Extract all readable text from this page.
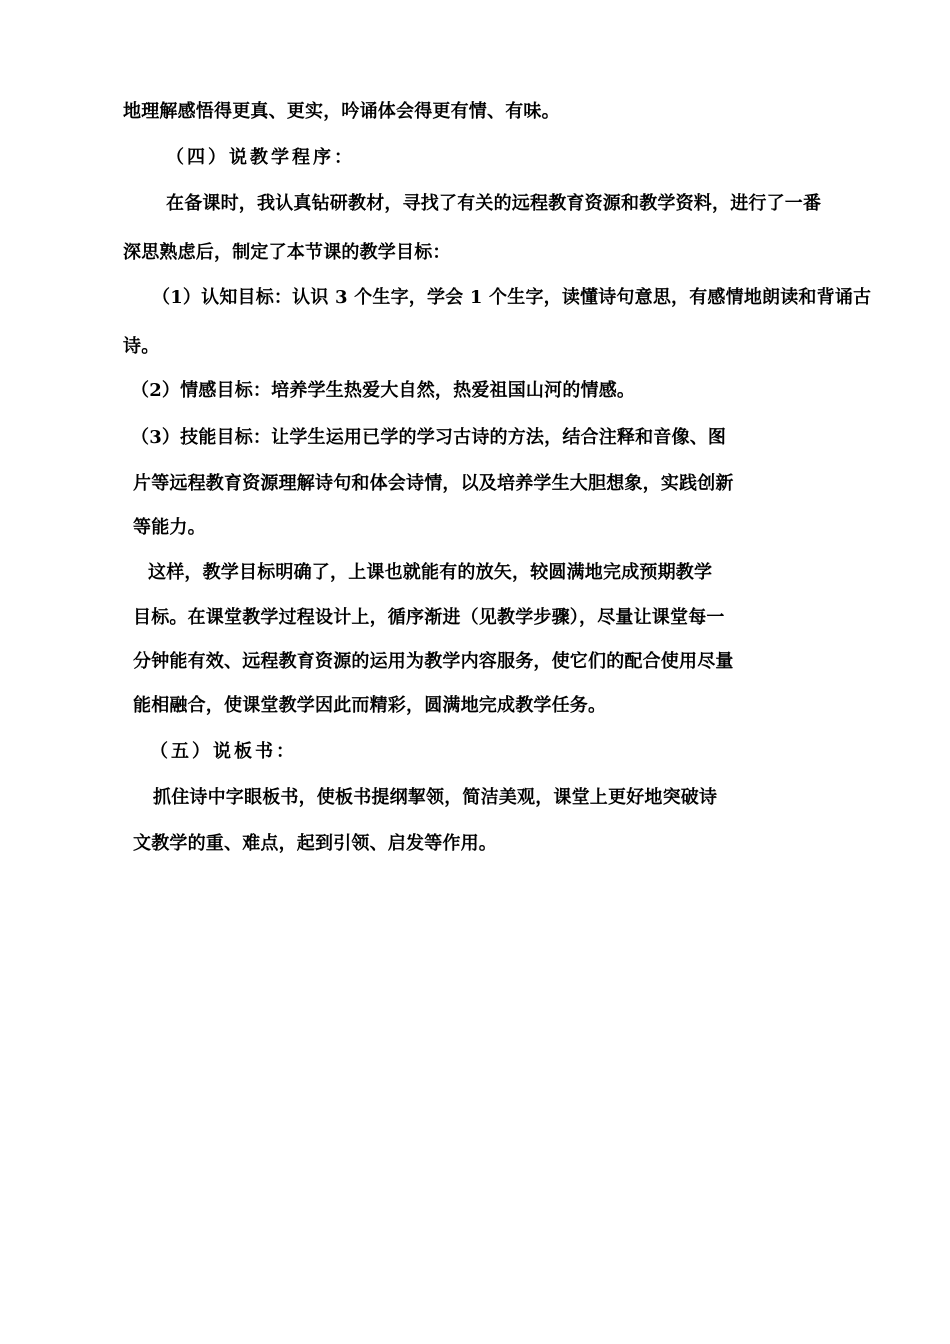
地理解感悟得更真、更实，吟诵体会得更有情、有味。
（四）说教学程序：
在备课时，我认真钻研教材，寻找了有关的远程教育资源和教学资料，进行了一番
深思熟虑后，制定了本节课的教学目标：
（1）认知目标：认识 3 个生字，学会 1 个生字，读懂诗句意思，有感情地朗读和背诵古
诗。
（2）情感目标：培养学生热爱大自然，热爱祖国山河的情感。
（3）技能目标：让学生运用已学的学习古诗的方法，结合注释和音像、图
片等远程教育资源理解诗句和体会诗情，以及培养学生大胆想象，实践创新
等能力。
这样，教学目标明确了，上课也就能有的放矢，较圆满地完成预期教学
目标。在课堂教学过程设计上，循序渐进（见教学步骤），尽量让课堂每一
分钟能有效、远程教育资源的运用为教学内容服务，使它们的配合使用尽量
能相融合，使课堂教学因此而精彩，圆满地完成教学任务。
（五）说板书：
抓住诗中字眼板书，使板书提纲挈领，简洁美观，课堂上更好地突破诗
文教学的重、难点，起到引领、启发等作用。
